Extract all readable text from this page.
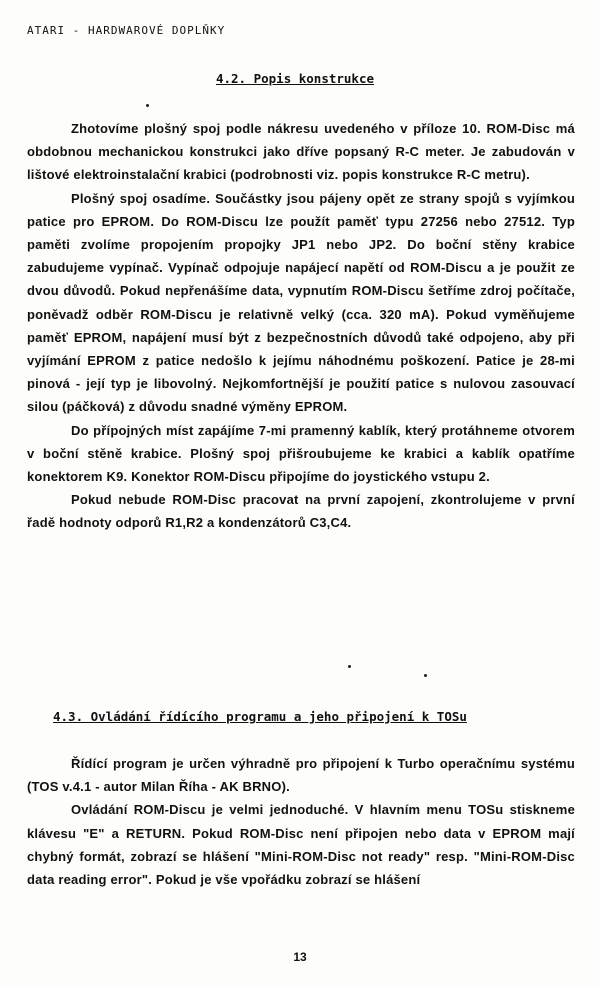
ATARI - HARDWAROVÉ DOPLŇKY
4.2. Popis konstrukce

Zhotovíme plošný spoj podle nákresu uvedeného v příloze 10. ROM-Disc má obdobnou mechanickou konstrukci jako dříve popsaný R-C meter. Je zabudován v lištové elektroinstalační krabici (podrobnosti viz. popis konstrukce R-C metru).

Plošný spoj osadíme. Součástky jsou pájeny opět ze strany spojů s vyjímkou patice pro EPROM. Do ROM-Discu lze použít paměť typu 27256 nebo 27512. Typ paměti zvolíme propojením propojky JP1 nebo JP2. Do boční stěny krabice zabudujeme vypínač. Vypínač odpojuje napájecí napětí od ROM-Discu a je použit ze dvou důvodů. Pokud nepřenášíme data, vypnutím ROM-Discu šetříme zdroj počítače, poněvadž odběr ROM-Discu je relativně velký (cca. 320 mA). Pokud vyměňujeme paměť EPROM, napájení musí být z bezpečnostních důvodů také odpojeno, aby při vyjímání EPROM z patice nedošlo k jejímu náhodnému poškození. Patice je 28-mi pinová - její typ je libovolný. Nejkomfortnější je použití patice s nulovou zasouvací silou (páčková) z důvodu snadné výměny EPROM.

Do přípojných míst zapájíme 7-mi pramenný kablík, který protáhneme otvorem v boční stěně krabice. Plošný spoj přišroubujeme ke krabici a kablík opatříme konektorem K9. Konektor ROM-Discu připojíme do joystického vstupu 2.

Pokud nebude ROM-Disc pracovat na první zapojení, zkontrolujeme v první řadě hodnoty odporů R1,R2 a kondenzátorů C3,C4.

4.3. Ovládání řídícího programu a jeho připojení k TOSu

Řídící program je určen výhradně pro připojení k Turbo operačnímu systému (TOS v.4.1 - autor Milan Říha - AK BRNO).

Ovládání ROM-Discu je velmi jednoduché. V hlavním menu TOSu stiskneme klávesu "E" a RETURN. Pokud ROM-Disc není připojen nebo data v EPROM mají chybný formát, zobrazí se hlášení "Mini-ROM-Disc not ready" resp. "Mini-ROM-Disc data reading error". Pokud je vše vpořádku zobrazí se hlášení

13
